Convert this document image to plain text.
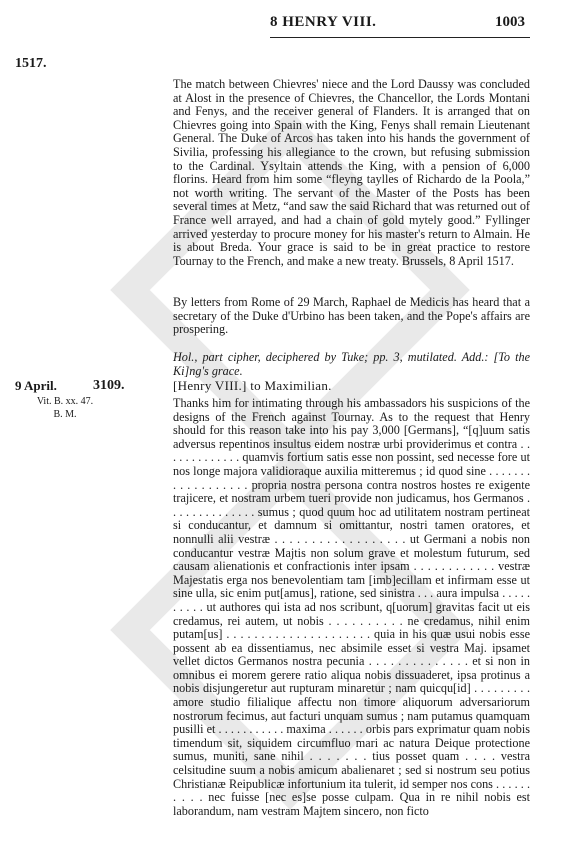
8 HENRY VIII.	1003
1517.

The match between Chievres' niece and the Lord Daussy was concluded at Alost in the presence of Chievres, the Chancellor, the Lords Montani and Fenys, and the receiver general of Flanders. It is arranged that on Chievres going into Spain with the King, Fenys shall remain Lieutenant General. The Duke of Arcos has taken into his hands the government of Sivilia, professing his allegiance to the crown, but refusing submission to the Cardinal. Ysyltain attends the King, with a pension of 6,000 florins. Heard from him some “fleyng taylles of Richardo de la Poola,” not worth writing. The servant of the Master of the Posts has been several times at Metz, “and saw the said Richard that was returned out of France well arrayed, and had a chain of gold mytely good.” Fyllinger arrived yesterday to procure money for his master's return to Almain. He is about Breda. Your grace is said to be in great practice to restore Tournay to the French, and make a new treaty. Brussels, 8 April 1517.

By letters from Rome of 29 March, Raphael de Medicis has heard that a secretary of the Duke d'Urbino has been taken, and the Pope's affairs are prospering.

Hol., part cipher, deciphered by Tuke; pp. 3, mutilated. Add.: [To the Ki]ng's grace.

9 April.	3109.	[Henry VIII.] to Maximilian.
Vit. B. xx. 47.
B. M.

Thanks him for intimating through his ambassadors his suspicions of the designs of the French against Tournay. As to the request that Henry should for this reason take into his pay 3,000 [Germans], “[q]uum satis adversus repentinos insultus eidem nostræ urbi providerimus et contra . . . . . . . . . . . . . quamvis fortium satis esse non possint, sed necesse fore ut nos longe majora validioraque auxilia mitteremus ; id quod sine . . . . . . . . . . . . . . . . . . propria nostra persona contra nostros hostes re exigente trajicere, et nostram urbem tueri provide non judicamus, hos Germanos . . . . . . . . . . . . . . sumus ; quod quum hoc ad utilitatem nostram pertineat si conducantur, et damnum si omittantur, nostri tamen oratores, et nonnulli alii vestræ . . . . . . . . . . . . . . . . . . ut Germani a nobis non conducantur vestræ Majtis non solum grave et molestum futurum, sed causam alienationis et confractionis inter ipsam . . . . . . . . . . . . vestræ Majestatis erga nos benevolentiam tam [imb]ecillam et infirmam esse ut sine ulla, sic enim put[amus], ratione, sed sinistra . . . aura impulsa . . . . . . . . . . ut authores qui ista ad nos scribunt, q[uorum] gravitas facit ut eis credamus, rei autem, ut nobis . . . . . . . . . . ne credamus, nihil enim putam[us] . . . . . . . . . . . . . . . . . . . . . quia in his quæ usui nobis esse possent ab ea dissentiamus, nec absimile esset si vestra Maj. ipsamet vellet dictos Germanos nostra pecunia . . . . . . . . . . . . . . et si non in omnibus ei morem gerere ratio aliqua nobis dissuaderet, ipsa protinus a nobis disjungeretur aut rupturam minaretur ; nam quicqu[id] . . . . . . . . . amore studio filialique affectu non timore aliquorum adversariorum nostrorum fecimus, aut facturi unquam sumus ; nam putamus quamquam pusilli et . . . . . . . . . . . maxima . . . . . . orbis pars exprimatur quam nobis timendum sit, siquidem circumfluo mari ac natura Deique protectione sumus, muniti, sane nihil . . . . . . . tius posset quam . . . . vestra celsitudine suum a nobis amicum abalienaret ; sed si nostrum seu potius Christianæ Reipublicæ infortunium ita tulerit, id semper nos cons . . . . . . . . . . nec fuisse [nec es]se posse culpam. Qua in re nihil nobis est laborandum, nam vestram Majtem sincero, non ficto
